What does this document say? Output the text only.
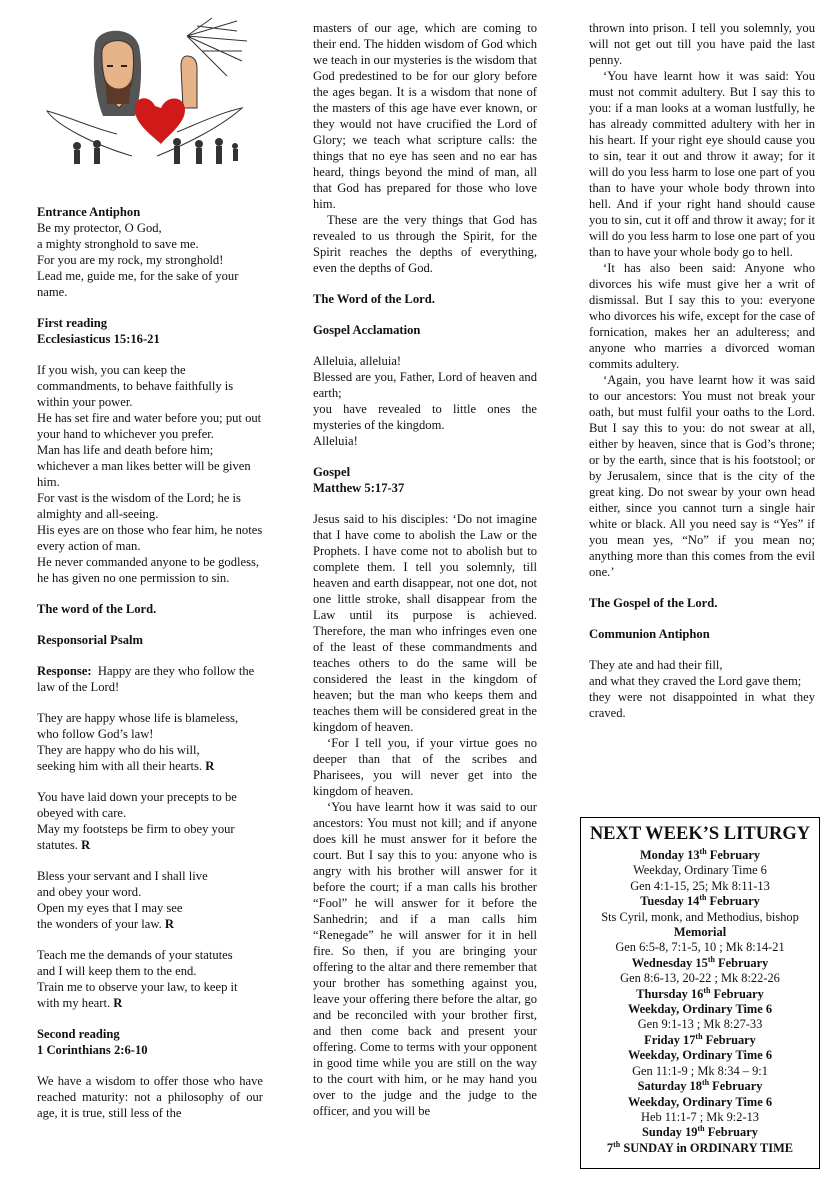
Entrance Antiphon

Be my protector, O God,

a mighty stronghold to save me.

For you are my rock, my stronghold!

Lead me, guide me, for the sake of your name.

First reading

Ecclesiasticus 15:16-21

If you wish, you can keep the commandments, to behave faithfully is within your power.

He has set fire and water before you; put out your hand to whichever you prefer.

Man has life and death before him; whichever a man likes better will be given him.

For vast is the wisdom of the Lord; he is almighty and all-seeing.

His eyes are on those who fear him, he notes every action of man.

He never commanded anyone to be godless, he has given no one permission to sin.

The word of the Lord.

Responsorial Psalm

Response: Happy are they who follow the law of the Lord!

They are happy whose life is blameless,

who follow God’s law!

They are happy who do his will,

seeking him with all their hearts. R

You have laid down your precepts to be obeyed with care.

May my footsteps be firm to obey your statutes. R

Bless your servant and I shall live

and obey your word.

Open my eyes that I may see

the wonders of your law. R

Teach me the demands of your statutes

and I will keep them to the end.

Train me to observe your law, to keep it with my heart. R

Second reading

1 Corinthians 2:6-10

We have a wisdom to offer those who have reached maturity: not a philosophy of our age, it is true, still less of the

masters of our age, which are coming to their end. The hidden wisdom of God which we teach in our mysteries is the wisdom that God predestined to be for our glory before the ages began. It is a wisdom that none of the masters of this age have ever known, or they would not have crucified the Lord of Glory; we teach what scripture calls: the things that no eye has seen and no ear has heard, things beyond the mind of man, all that God has prepared for those who love him.

These are the very things that God has revealed to us through the Spirit, for the Spirit reaches the depths of everything, even the depths of God.

The Word of the Lord.

Gospel Acclamation

Alleluia, alleluia!

Blessed are you, Father, Lord of heaven and earth;

you have revealed to little ones the mysteries of the kingdom.

Alleluia!

Gospel

Matthew 5:17-37

Jesus said to his disciples: ‘Do not imagine that I have come to abolish the Law or the Prophets. I have come not to abolish but to complete them. I tell you solemnly, till heaven and earth disappear, not one dot, not one little stroke, shall disappear from the Law until its purpose is achieved. Therefore, the man who infringes even one of the least of these commandments and teaches others to do the same will be considered the least in the kingdom of heaven; but the man who keeps them and teaches them will be considered great in the kingdom of heaven.

‘For I tell you, if your virtue goes no deeper than that of the scribes and Pharisees, you will never get into the kingdom of heaven.

‘You have learnt how it was said to our ancestors: You must not kill; and if anyone does kill he must answer for it before the court. But I say this to you: anyone who is angry with his brother will answer for it before the court; if a man calls his brother “Fool” he will answer for it before the Sanhedrin; and if a man calls him “Renegade” he will answer for it in hell fire. So then, if you are bringing your offering to the altar and there remember that your brother has something against you, leave your offering there before the altar, go and be reconciled with your brother first, and then come back and present your offering. Come to terms with your opponent in good time while you are still on the way to the court with him, or he may hand you over to the judge and the judge to the officer, and you will be

thrown into prison. I tell you solemnly, you will not get out till you have paid the last penny.

‘You have learnt how it was said: You must not commit adultery. But I say this to you: if a man looks at a woman lustfully, he has already committed adultery with her in his heart. If your right eye should cause you to sin, tear it out and throw it away; for it will do you less harm to lose one part of you than to have your whole body thrown into hell. And if your right hand should cause you to sin, cut it off and throw it away; for it will do you less harm to lose one part of you than to have your whole body go to hell.

‘It has also been said: Anyone who divorces his wife must give her a writ of dismissal. But I say this to you: everyone who divorces his wife, except for the case of fornication, makes her an adulteress; and anyone who marries a divorced woman commits adultery.

‘Again, you have learnt how it was said to our ancestors: You must not break your oath, but must fulfil your oaths to the Lord. But I say this to you: do not swear at all, either by heaven, since that is God’s throne; or by the earth, since that is his footstool; or by Jerusalem, since that is the city of the great king. Do not swear by your own head either, since you cannot turn a single hair white or black. All you need say is “Yes” if you mean yes, “No” if you mean no; anything more than this comes from the evil one.’

The Gospel of the Lord.

Communion Antiphon

They ate and had their fill,

and what they craved the Lord gave them;

they were not disappointed in what they craved.

NEXT WEEK’S LITURGY
Monday 13th February
Weekday, Ordinary Time 6
Gen 4:1-15, 25; Mk 8:11-13
Tuesday 14th February
Sts Cyril, monk, and Methodius, bishop
Memorial
Gen 6:5-8, 7:1-5, 10 ; Mk 8:14-21
Wednesday 15th February
Gen 8:6-13, 20-22 ; Mk 8:22-26
Thursday 16th February
Weekday, Ordinary Time 6
Gen 9:1-13 ; Mk 8:27-33
Friday 17th February
Weekday, Ordinary Time 6
Gen 11:1-9 ; Mk 8:34 – 9:1
Saturday 18th February
Weekday, Ordinary Time 6
Heb 11:1-7 ; Mk 9:2-13
Sunday 19th February
7th SUNDAY in ORDINARY TIME
